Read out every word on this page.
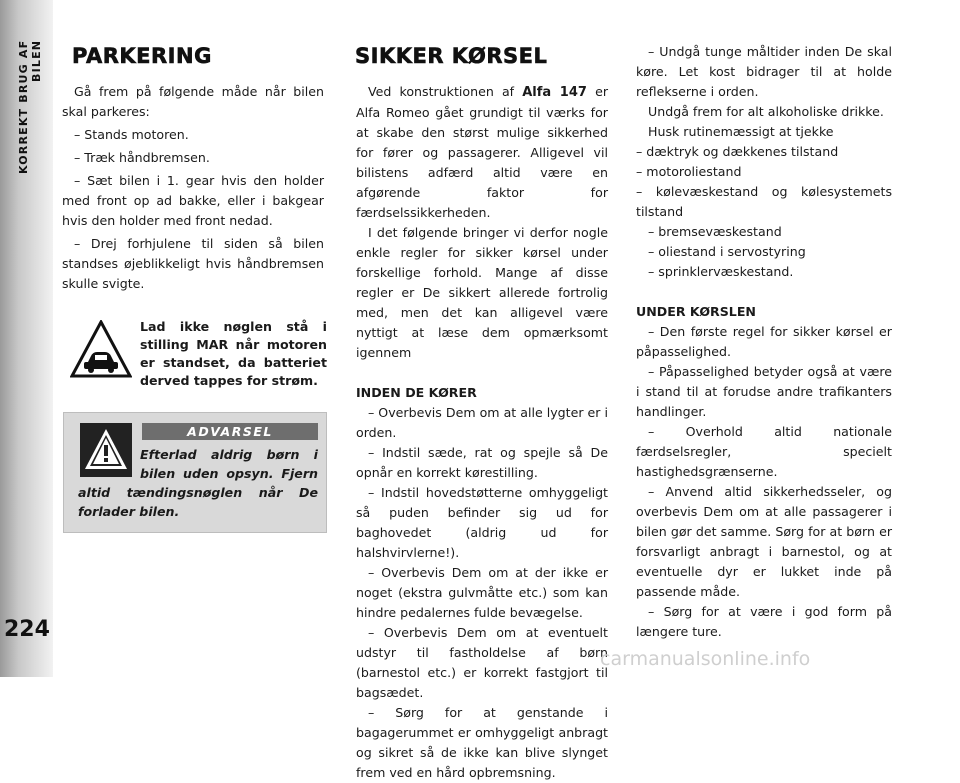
KORREKT BRUG AF BILEN
224
PARKERING

Gå frem på følgende måde når bilen skal parkeres:

– Stands motoren.

– Træk håndbremsen.

– Sæt bilen i 1. gear hvis den holder med front op ad bakke, eller i bakgear hvis den holder med front nedad.

– Drej forhjulene til siden så bilen standses øjeblikkeligt hvis håndbremsen skulle svigte.

Lad ikke nøglen stå i stilling MAR når motoren er standset, da batteriet derved tappes for strøm.
ADVARSEL
Efterlad aldrig børn i bilen uden opsyn. Fjern altid tændingsnøglen når De forlader bilen.
SIKKER KØRSEL

Ved konstruktionen af Alfa 147 er Alfa Romeo gået grundigt til værks for at skabe den størst mulige sikkerhed for fører og passagerer. Alligevel vil bilistens adfærd altid være en afgørende faktor for færdselssikkerheden.

I det følgende bringer vi derfor nogle enkle regler for sikker kørsel under forskellige forhold. Mange af disse regler er De sikkert allerede fortrolig med, men det kan alligevel være nyttigt at læse dem opmærksomt igennem

INDEN DE KØRER

– Overbevis Dem om at alle lygter er i orden.

– Indstil sæde, rat og spejle så De opnår en korrekt kørestilling.

– Indstil hovedstøtterne omhyggeligt så puden befinder sig ud for baghovedet (aldrig ud for halshvirvlerne!).

– Overbevis Dem om at der ikke er noget (ekstra gulvmåtte etc.) som kan hindre pedalernes fulde bevægelse.

– Overbevis Dem om at eventuelt udstyr til fastholdelse af børn (barnestol etc.) er korrekt fastgjort til bagsædet.

– Sørg for at genstande i bagagerummet er omhyggeligt anbragt og sikret så de ikke kan blive slynget frem ved en hård opbremsning.

– Undgå tunge måltider inden De skal køre. Let kost bidrager til at holde refleksernе i orden.

Undgå frem for alt alkoholiske drikke.

Husk rutinemæssigt at tjekke

– dæktryk og dækkenes tilstand

– motoroliestand

– kølevæskestand og kølesystemets tilstand

– bremsevæskestand

– oliestand i servostyring

– sprinklervæskestand.

UNDER KØRSLEN

– Den første regel for sikker kørsel er påpasselighed.

– Påpasselighed betyder også at være i stand til at forudse andre trafikanters handlinger.

– Overhold altid nationale færdselsregler, specielt hastighedsgrænserne.

– Anvend altid sikkerhedsseler, og overbevis Dem om at alle passagerer i bilen gør det samme. Sørg for at børn er forsvarligt anbragt i barnestol, og at eventuelle dyr er lukket inde på passende måde.

– Sørg for at være i god form på længere ture.

carmanualsonline.info
